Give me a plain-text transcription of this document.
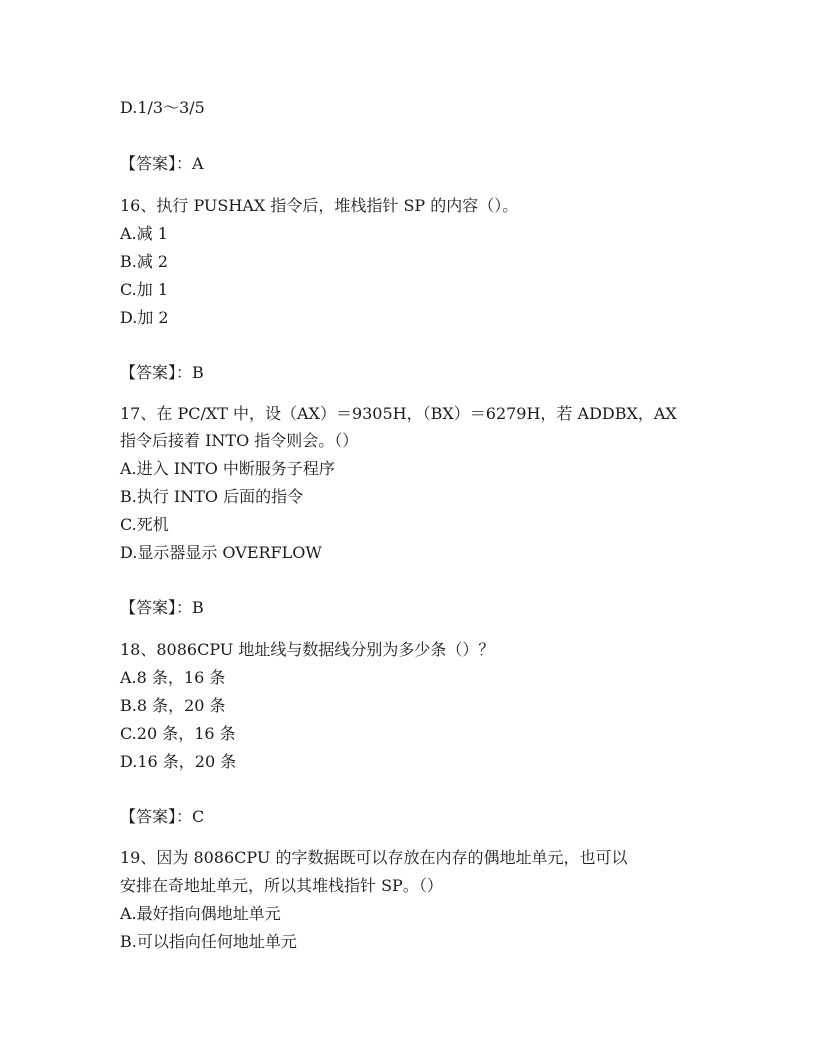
D.1/3～3/5
【答案】：A
16、执行 PUSHAX 指令后，堆栈指针 SP 的内容（）。
A.减 1
B.减 2
C.加 1
D.加 2
【答案】：B
17、在 PC/XT 中，设（AX）＝9305H，（BX）＝6279H，若 ADDBX，AX
指令后接着 INTO 指令则会。（）
A.进入 INTO 中断服务子程序
B.执行 INTO 后面的指令
C.死机
D.显示器显示 OVERFLOW
【答案】：B
18、8086CPU 地址线与数据线分别为多少条（）？
A.8 条，16 条
B.8 条，20 条
C.20 条，16 条
D.16 条，20 条
【答案】：C
19、因为 8086CPU 的字数据既可以存放在内存的偶地址单元，也可以
安排在奇地址单元，所以其堆栈指针 SP。（）
A.最好指向偶地址单元
B.可以指向任何地址单元
